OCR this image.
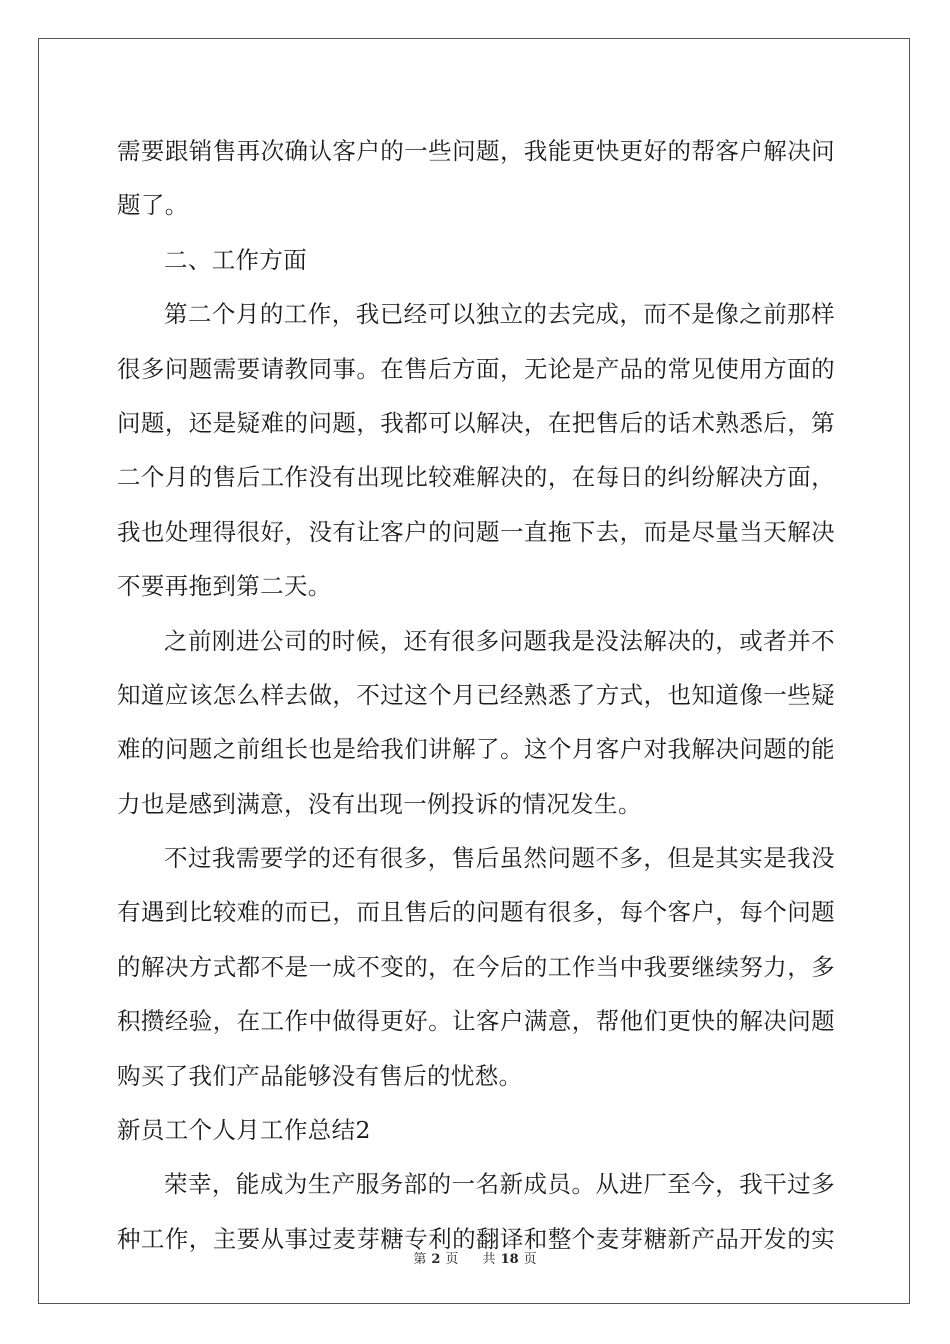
需要跟销售再次确认客户的一些问题，我能更快更好的帮客户解决问
题了。
二、工作方面
第二个月的工作，我已经可以独立的去完成，而不是像之前那样
很多问题需要请教同事。在售后方面，无论是产品的常见使用方面的
问题，还是疑难的问题，我都可以解决，在把售后的话术熟悉后，第
二个月的售后工作没有出现比较难解决的，在每日的纠纷解决方面，
我也处理得很好，没有让客户的问题一直拖下去，而是尽量当天解决
不要再拖到第二天。
之前刚进公司的时候，还有很多问题我是没法解决的，或者并不
知道应该怎么样去做，不过这个月已经熟悉了方式，也知道像一些疑
难的问题之前组长也是给我们讲解了。这个月客户对我解决问题的能
力也是感到满意，没有出现一例投诉的情况发生。
不过我需要学的还有很多，售后虽然问题不多，但是其实是我没
有遇到比较难的而已，而且售后的问题有很多，每个客户，每个问题
的解决方式都不是一成不变的，在今后的工作当中我要继续努力，多
积攒经验，在工作中做得更好。让客户满意，帮他们更快的解决问题
购买了我们产品能够没有售后的忧愁。
新员工个人月工作总结2
荣幸，能成为生产服务部的一名新成员。从进厂至今，我干过多
种工作，主要从事过麦芽糖专利的翻译和整个麦芽糖新产品开发的实
第 2 页 共 18 页
